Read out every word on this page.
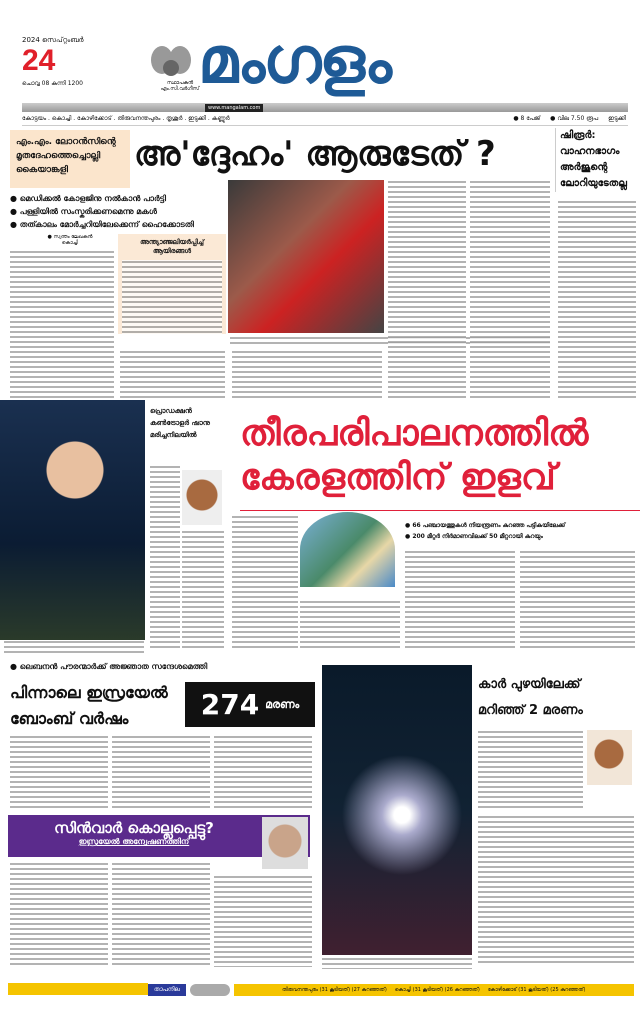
2024 സെപ്റ്റംബർ
24
ചൊവ്വ 08 കന്നി 1200	സ്ഥാപകൻ എം.സി.വർഗീസ്
മംഗളം
www.mangalam.com
കോട്ടയം . കൊച്ചി . കോഴിക്കോട് . തിരുവനന്തപുരം . തൃശൂർ . ഇടുക്കി . കണ്ണൂർ	● 8 പേജ് ● വില 7.50 രൂപ ഇടുക്കി
എം.എം. ലോറൻസിന്റെ മൃതദേഹത്തെച്ചൊല്ലി കൈയാങ്കളി	അ'ദ്ദേഹം' ആരുടേത് ?	ഷിരൂർ: വാഹനഭാഗം അർജുന്റെ ലോറിയുടേതല്ല
● മെഡിക്കൽ കോളജിനു നൽകാൻ പാർട്ടി
● പള്ളിയിൽ സംസ്കരിക്കണമെന്നു മകൾ
● തത്കാലം മോർച്ചറിയിലേക്കെന്ന് ഹൈക്കോടതി
● സ്വന്തം ലേഖകൻ
കൊച്ചി	അന്ത്യാഞ്ജലിയർപ്പിച്ച് ആയിരങ്ങൾ
പ്രൊഡക്ഷൻ കൺട്രോളർ ഷാനു മരിച്ചനിലയിൽ	തീരപരിപാലനത്തിൽ
കേരളത്തിന് ഇളവ്
● 66 പഞ്ചായത്തുകൾ നിയന്ത്രണം കുറഞ്ഞ പട്ടികയിലേക്ക്
● 200 മീറ്റർ നിർമാണവിലക്ക് 50 മീറ്ററായി കുറയും
● ലെബനൻ പൗരന്മാർക്ക് അജ്ഞാത സന്ദേശമെത്തി
പിന്നാലെ ഇസ്രയേൽ ബോംബ് വർഷം	274 മരണം
സിൻവാർ കൊല്ലപ്പെട്ടു?

ഇസ്രയേൽ അന്വേഷണത്തിന്

കാർ പുഴയിലേക്ക്
മറിഞ്ഞ് 2 മരണം
താപനില	തിരുവനന്തപുരം (31 കൂടിയത്) (27 കുറഞ്ഞത്) കൊച്ചി (31 കൂടിയത്) (26 കുറഞ്ഞത്) കോഴിക്കോട് (31 കൂടിയത്) (25 കുറഞ്ഞത്)
